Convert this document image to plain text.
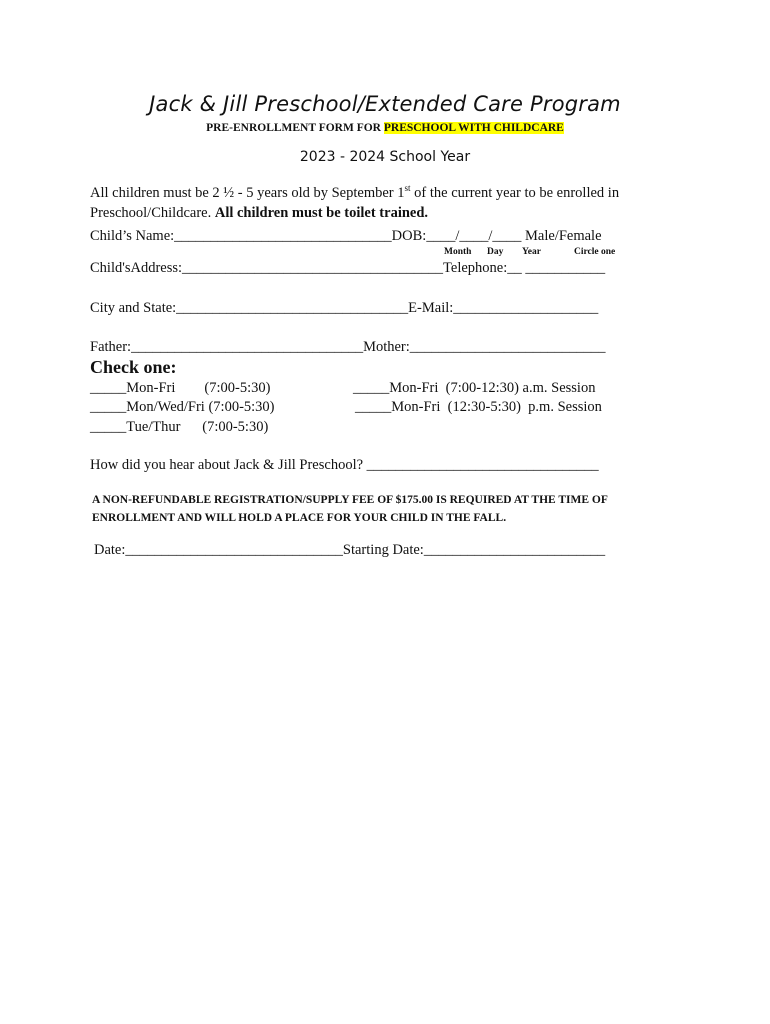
Jack & Jill Preschool/Extended Care Program
PRE-ENROLLMENT FORM FOR PRESCHOOL WITH CHILDCARE
2023 - 2024 School Year
All children must be 2 ½ - 5 years old by September 1st of the current year to be enrolled in
Preschool/Childcare. All children must be toilet trained.
Child’s Name:______________________________DOB:____/____/____ Male/Female
Month Day Year	Circle one
Child'sAddress:____________________________________Telephone:__ ___________
City and State:________________________________E-Mail:____________________
Father:________________________________Mother:___________________________
Check one:
_____Mon-Fri        (7:00-5:30)
_____Mon/Wed/Fri (7:00-5:30)
_____Tue/Thur      (7:00-5:30)
_____Mon-Fri  (7:00-12:30) a.m. Session
_____Mon-Fri  (12:30-5:30)  p.m. Session
How did you hear about Jack & Jill Preschool? ________________________________
A NON-REFUNDABLE REGISTRATION/SUPPLY FEE OF $175.00 IS REQUIRED AT THE TIME OF ENROLLMENT AND WILL HOLD A PLACE FOR YOUR CHILD IN THE FALL.
Date:______________________________Starting Date:_________________________
